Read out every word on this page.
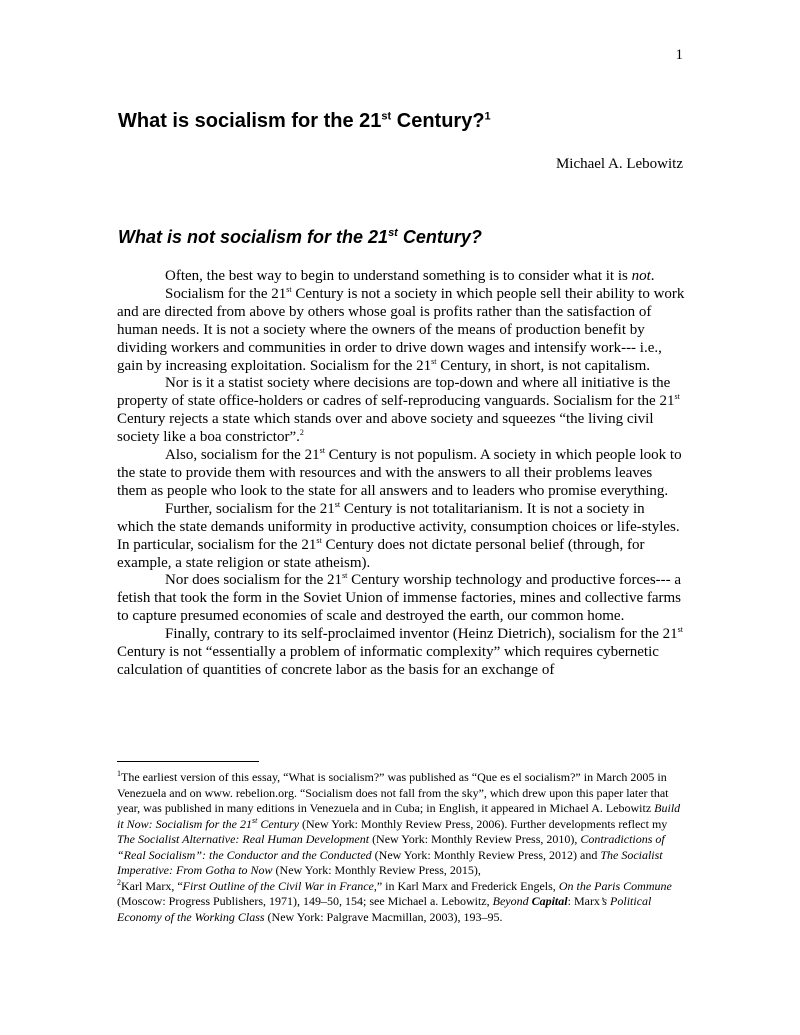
1
What is socialism for the 21st Century?$^1$
Michael A. Lebowitz
What is not socialism for the 21st Century?

Often, the best way to begin to understand something is to consider what it is not.

Socialism for the 21st Century is not a society in which people sell their ability to work and are directed from above by others whose goal is profits rather than the satisfaction of human needs. It is not a society where the owners of the means of production benefit by dividing workers and communities in order to drive down wages and intensify work--- i.e., gain by increasing exploitation. Socialism for the 21st Century, in short, is not capitalism.

Nor is it a statist society where decisions are top-down and where all initiative is the property of state office-holders or cadres of self-reproducing vanguards. Socialism for the 21st Century rejects a state which stands over and above society and squeezes “the living civil society like a boa constrictor”.$^2$

Also, socialism for the 21st Century is not populism. A society in which people look to the state to provide them with resources and with the answers to all their problems leaves them as people who look to the state for all answers and to leaders who promise everything.

Further, socialism for the 21st Century is not totalitarianism. It is not a society in which the state demands uniformity in productive activity, consumption choices or life-styles. In particular, socialism for the 21st Century does not dictate personal belief (through, for example, a state religion or state atheism).

Nor does socialism for the 21st Century worship technology and productive forces--- a fetish that took the form in the Soviet Union of immense factories, mines and collective farms to capture presumed economies of scale and destroyed the earth, our common home.

Finally, contrary to its self-proclaimed inventor (Heinz Dietrich), socialism for the 21st Century is not “essentially a problem of informatic complexity” which requires cybernetic calculation of quantities of concrete labor as the basis for an exchange of

$^1$The earliest version of this essay, “What is socialism?” was published as “Que es el socialism?” in March 2005 in Venezuela and on www. rebelion.org. “Socialism does not fall from the sky”, which drew upon this paper later that year, was published in many editions in Venezuela and in Cuba; in English, it appeared in Michael A. Lebowitz Build it Now: Socialism for the 21st Century (New York: Monthly Review Press, 2006). Further developments reflect my The Socialist Alternative: Real Human Development (New York: Monthly Review Press, 2010), Contradictions of “Real Socialism”: the Conductor and the Conducted (New York: Monthly Review Press, 2012) and The Socialist Imperative: From Gotha to Now (New York: Monthly Review Press, 2015),

$^2$Karl Marx, “First Outline of the Civil War in France,” in Karl Marx and Frederick Engels, On the Paris Commune (Moscow: Progress Publishers, 1971), 149–50, 154; see Michael a. Lebowitz, Beyond Capital: Marx’s Political Economy of the Working Class (New York: Palgrave Macmillan, 2003), 193–95.
